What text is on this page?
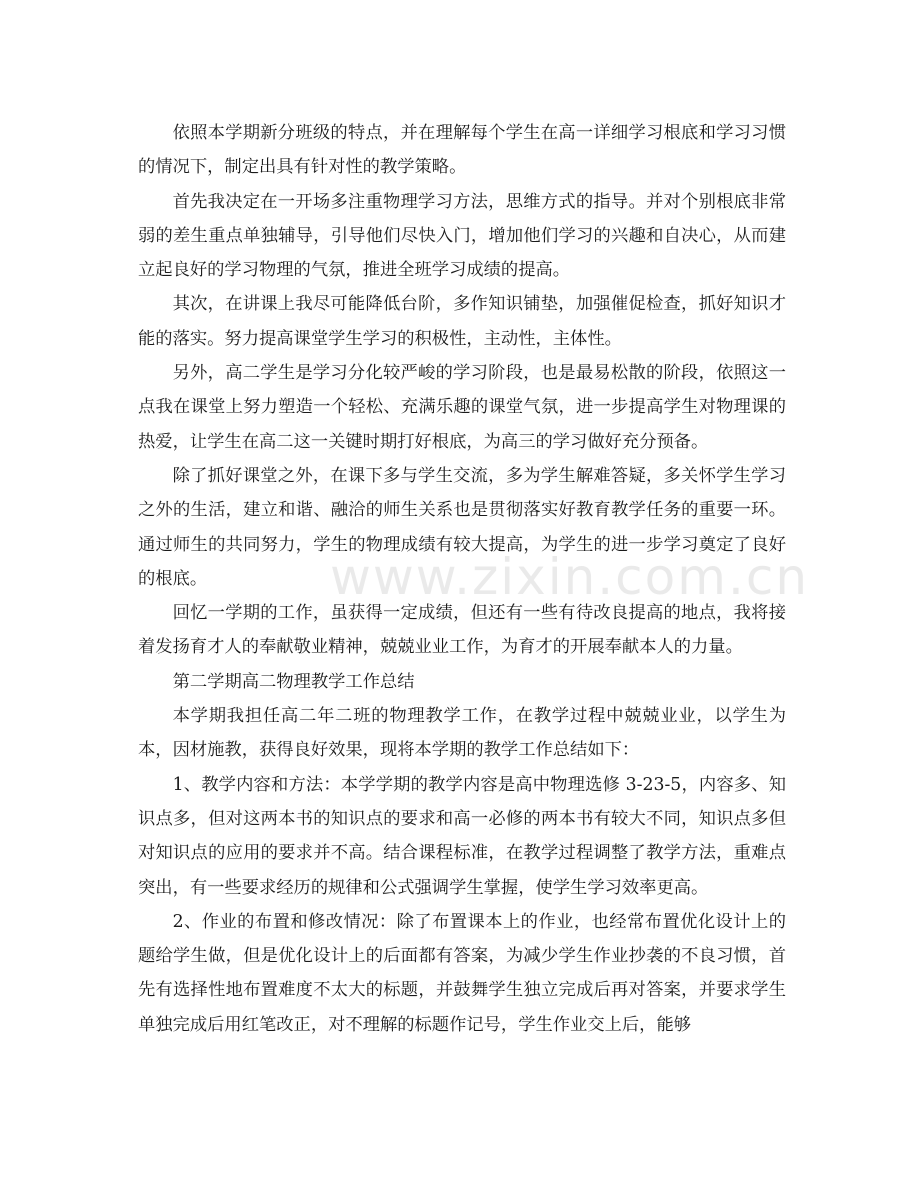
依照本学期新分班级的特点，并在理解每个学生在高一详细学习根底和学习习惯的情况下，制定出具有针对性的教学策略。

首先我决定在一开场多注重物理学习方法，思维方式的指导。并对个别根底非常弱的差生重点单独辅导，引导他们尽快入门，增加他们学习的兴趣和自决心，从而建立起良好的学习物理的气氛，推进全班学习成绩的提高。

其次，在讲课上我尽可能降低台阶，多作知识铺垫，加强催促检查，抓好知识才能的落实。努力提高课堂学生学习的积极性，主动性，主体性。

另外，高二学生是学习分化较严峻的学习阶段，也是最易松散的阶段，依照这一点我在课堂上努力塑造一个轻松、充满乐趣的课堂气氛，进一步提高学生对物理课的热爱，让学生在高二这一关键时期打好根底，为高三的学习做好充分预备。

除了抓好课堂之外，在课下多与学生交流，多为学生解难答疑，多关怀学生学习之外的生活，建立和谐、融洽的师生关系也是贯彻落实好教育教学任务的重要一环。通过师生的共同努力，学生的物理成绩有较大提高，为学生的进一步学习奠定了良好的根底。

回忆一学期的工作，虽获得一定成绩，但还有一些有待改良提高的地点，我将接着发扬育才人的奉献敬业精神，兢兢业业工作，为育才的开展奉献本人的力量。

第二学期高二物理教学工作总结

本学期我担任高二年二班的物理教学工作，在教学过程中兢兢业业，以学生为本，因材施教，获得良好效果，现将本学期的教学工作总结如下：

1、教学内容和方法：本学学期的教学内容是高中物理选修 3-23-5，内容多、知识点多，但对这两本书的知识点的要求和高一必修的两本书有较大不同，知识点多但对知识点的应用的要求并不高。结合课程标准，在教学过程调整了教学方法，重难点突出，有一些要求经历的规律和公式强调学生掌握，使学生学习效率更高。

2、作业的布置和修改情况：除了布置课本上的作业，也经常布置优化设计上的题给学生做，但是优化设计上的后面都有答案，为减少学生作业抄袭的不良习惯，首先有选择性地布置难度不太大的标题，并鼓舞学生独立完成后再对答案，并要求学生单独完成后用红笔改正，对不理解的标题作记号，学生作业交上后，能够

www.zixin.com.cn
